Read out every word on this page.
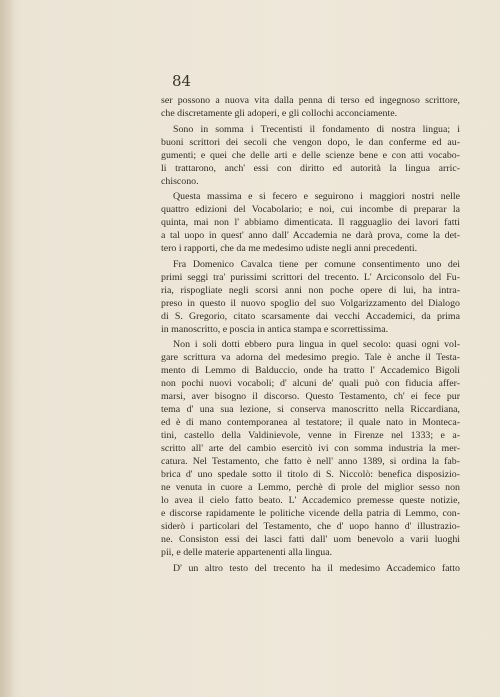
84

ser possono a nuova vita dalla penna di terso ed ingegnoso scrittore,
che discretamente gli adoperi, e gli collochi acconciamente.

Sono in somma i Trecentisti il fondamento di nostra lingua; i
buoni scrittori dei secoli che vengon dopo, le dan conferme ed au-
gumenti; e quei che delle arti e delle scienze bene e con atti vocabo-
li trattarono, anch' essi con diritto ed autorità la lingua arric-
chiscono.

Questa massima e si fecero e seguirono i maggiori nostri nelle
quattro edizioni del Vocabolario; e noi, cui incombe di preparar la
quinta, mai non l' abbiamo dimenticata. Il ragguaglio dei lavori fatti
a tal uopo in quest' anno dall' Accademia ne darà prova, come la det-
tero i rapporti, che da me medesimo udiste negli anni precedenti.

Fra Domenico Cavalca tiene per comune consentimento uno dei
primi seggi tra' purissimi scrittori del trecento. L' Arciconsolo del Fu-
ria, rispogliate negli scorsi anni non poche opere di lui, ha intra-
preso in questo il nuovo spoglio del suo Volgarizzamento del Dialogo
di S. Gregorio, citato scarsamente dai vecchi Accademici, da prima
in manoscritto, e poscia in antica stampa e scorrettissima.

Non i soli dotti ebbero pura lingua in quel secolo: quasi ogni vol-
gare scrittura va adorna del medesimo pregio. Tale è anche il Testa-
mento di Lemmo di Balduccio, onde ha tratto l' Accademico Bigoli
non pochi nuovi vocaboli; d' alcuni de' quali può con fiducia affer-
marsi, aver bisogno il discorso. Questo Testamento, ch' ei fece pur
tema d' una sua lezione, si conserva manoscritto nella Riccardiana,
ed è di mano contemporanea al testatore; il quale nato in Monteca-
tini, castello della Valdinievole, venne in Firenze nel 1333; e a-
scritto all' arte del cambio esercitò ivi con somma industria la mer-
catura. Nel Testamento, che fatto è nell' anno 1389, si ordina la fab-
brica d' uno spedale sotto il titolo di S. Niccolò: benefica disposizio-
ne venuta in cuore a Lemmo, perchè di prole del miglior sesso non
lo avea il cielo fatto beato. L' Accademico premesse queste notizie,
e discorse rapidamente le politiche vicende della patria di Lemmo, con-
siderò i particolari del Testamento, che d' uopo hanno d' illustrazio-
ne. Consiston essi dei lasci fatti dall' uom benevolo a varii luoghi
pii, e delle materie appartenenti alla lingua.

D' un altro testo del trecento ha il medesimo Accademico fatto
